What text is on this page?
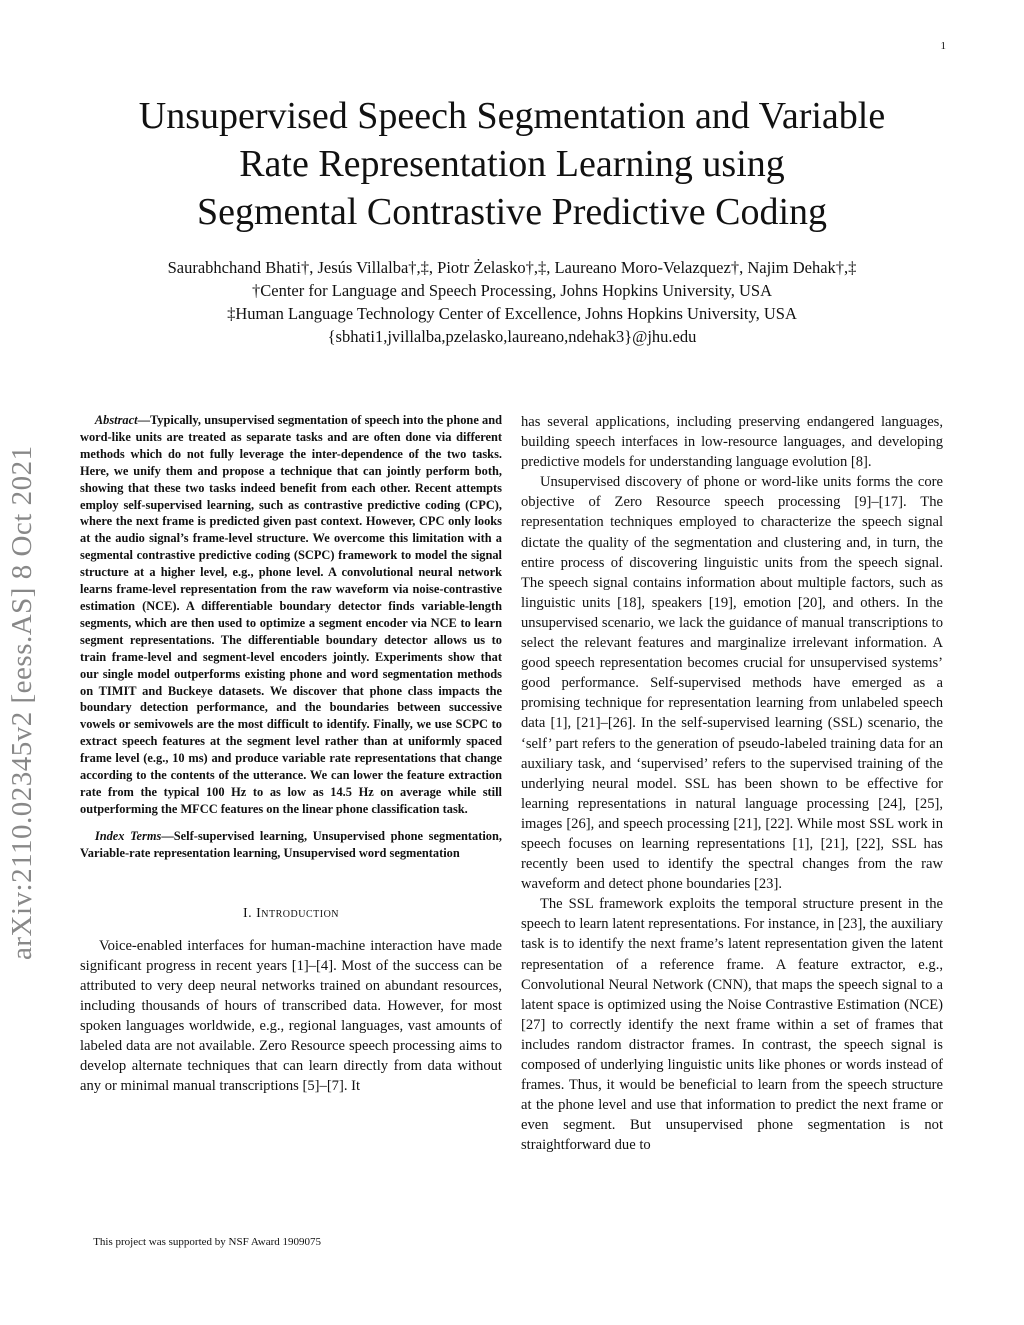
1
arXiv:2110.02345v2 [eess.AS] 8 Oct 2021
Unsupervised Speech Segmentation and Variable
Rate Representation Learning using
Segmental Contrastive Predictive Coding
Saurabhchand Bhati†, Jesús Villalba†,‡, Piotr Żelasko†,‡, Laureano Moro-Velazquez†, Najim Dehak†,‡
†Center for Language and Speech Processing, Johns Hopkins University, USA
‡Human Language Technology Center of Excellence, Johns Hopkins University, USA
{sbhati1,jvillalba,pzelasko,laureano,ndehak3}@jhu.edu

Abstract—Typically, unsupervised segmentation of speech into the phone and word-like units are treated as separate tasks and are often done via different methods which do not fully leverage the inter-dependence of the two tasks. Here, we unify them and propose a technique that can jointly perform both, showing that these two tasks indeed benefit from each other. Recent attempts employ self-supervised learning, such as contrastive predictive coding (CPC), where the next frame is predicted given past context. However, CPC only looks at the audio signal’s frame-level structure. We overcome this limitation with a segmental contrastive predictive coding (SCPC) framework to model the signal structure at a higher level, e.g., phone level. A convolutional neural network learns frame-level representation from the raw waveform via noise-contrastive estimation (NCE). A differentiable boundary detector finds variable-length segments, which are then used to optimize a segment encoder via NCE to learn segment representations. The differentiable boundary detector allows us to train frame-level and segment-level encoders jointly. Experiments show that our single model outperforms existing phone and word segmentation methods on TIMIT and Buckeye datasets. We discover that phone class impacts the boundary detection performance, and the boundaries between successive vowels or semivowels are the most difficult to identify. Finally, we use SCPC to extract speech features at the segment level rather than at uniformly spaced frame level (e.g., 10 ms) and produce variable rate representations that change according to the contents of the utterance. We can lower the feature extraction rate from the typical 100 Hz to as low as 14.5 Hz on average while still outperforming the MFCC features on the linear phone classification task.

Index Terms—Self-supervised learning, Unsupervised phone segmentation, Variable-rate representation learning, Unsupervised word segmentation

I. Introduction

Voice-enabled interfaces for human-machine interaction have made significant progress in recent years [1]–[4]. Most of the success can be attributed to very deep neural networks trained on abundant resources, including thousands of hours of transcribed data. However, for most spoken languages worldwide, e.g., regional languages, vast amounts of labeled data are not available. Zero Resource speech processing aims to develop alternate techniques that can learn directly from data without any or minimal manual transcriptions [5]–[7]. It

This project was supported by NSF Award 1909075

has several applications, including preserving endangered languages, building speech interfaces in low-resource languages, and developing predictive models for understanding language evolution [8].

Unsupervised discovery of phone or word-like units forms the core objective of Zero Resource speech processing [9]–[17]. The representation techniques employed to characterize the speech signal dictate the quality of the segmentation and clustering and, in turn, the entire process of discovering linguistic units from the speech signal. The speech signal contains information about multiple factors, such as linguistic units [18], speakers [19], emotion [20], and others. In the unsupervised scenario, we lack the guidance of manual transcriptions to select the relevant features and marginalize irrelevant information. A good speech representation becomes crucial for unsupervised systems’ good performance. Self-supervised methods have emerged as a promising technique for representation learning from unlabeled speech data [1], [21]–[26]. In the self-supervised learning (SSL) scenario, the ‘self’ part refers to the generation of pseudo-labeled training data for an auxiliary task, and ‘supervised’ refers to the supervised training of the underlying neural model. SSL has been shown to be effective for learning representations in natural language processing [24], [25], images [26], and speech processing [21], [22]. While most SSL work in speech focuses on learning representations [1], [21], [22], SSL has recently been used to identify the spectral changes from the raw waveform and detect phone boundaries [23].

The SSL framework exploits the temporal structure present in the speech to learn latent representations. For instance, in [23], the auxiliary task is to identify the next frame’s latent representation given the latent representation of a reference frame. A feature extractor, e.g., Convolutional Neural Network (CNN), that maps the speech signal to a latent space is optimized using the Noise Contrastive Estimation (NCE) [27] to correctly identify the next frame within a set of frames that includes random distractor frames. In contrast, the speech signal is composed of underlying linguistic units like phones or words instead of frames. Thus, it would be beneficial to learn from the speech structure at the phone level and use that information to predict the next frame or even segment. But unsupervised phone segmentation is not straightforward due to
